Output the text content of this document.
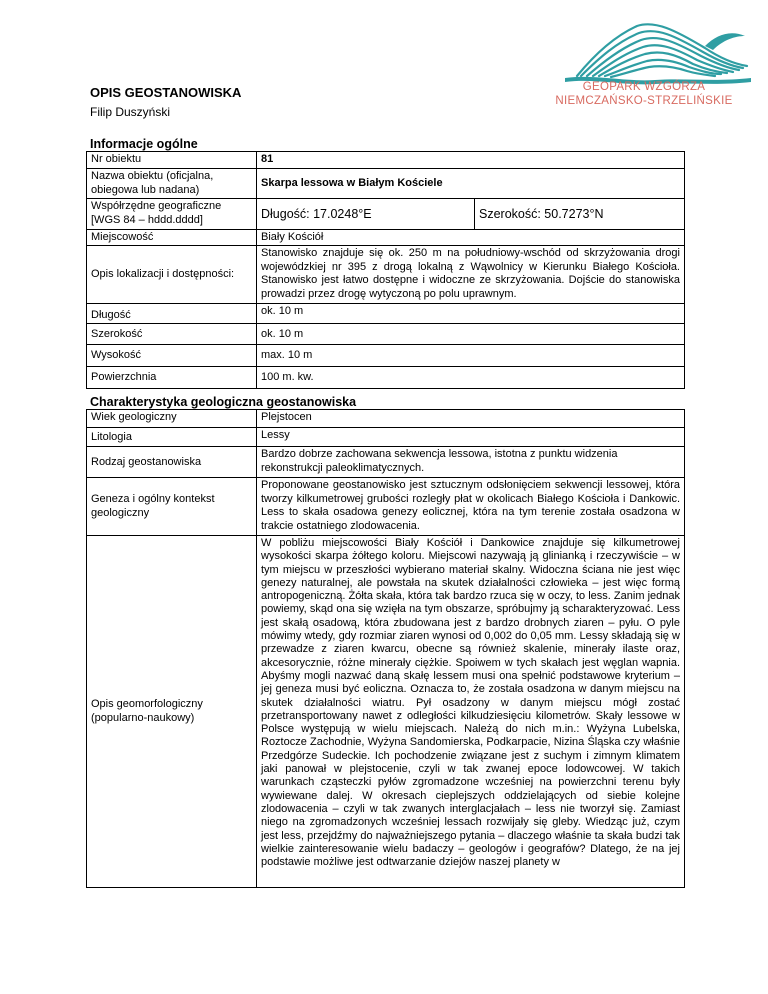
GEOPARK WZGÓRZA
NIEMCZAŃSKO-STRZELIŃSKIE
OPIS GEOSTANOWISKA
Filip Duszyński
Informacje ogólne
Nr obiektu	81	
Nazwa obiektu (oficjalna, obiegowa lub nadana)	Skarpa lessowa w Białym Kościele	
Współrzędne geograficzne [WGS 84 – hddd.dddd]	Długość: 17.0248°E	Szerokość: 50.7273°N
Miejscowość	Biały Kościół	
Opis lokalizacji i dostępności:	Stanowisko znajduje się ok. 250 m na południowy-wschód od skrzyżowania drogi wojewódzkiej nr 395 z drogą lokalną z Wąwolnicy w Kierunku Białego Kościoła. Stanowisko jest łatwo dostępne i widoczne ze skrzyżowania. Dojście do stanowiska prowadzi przez drogę wytyczoną po polu uprawnym.	
Długość	ok. 10 m	
Szerokość	ok. 10 m	
Wysokość	max. 10 m	
Powierzchnia	100 m. kw.	
Charakterystyka geologiczna geostanowiska
Wiek geologiczny	Plejstocen
Litologia	Lessy
Rodzaj geostanowiska	Bardzo dobrze zachowana sekwencja lessowa, istotna z punktu widzenia rekonstrukcji paleoklimatycznych.
Geneza i ogólny kontekst geologiczny	Proponowane geostanowisko jest sztucznym odsłonięciem sekwencji lessowej, która tworzy kilkumetrowej grubości rozległy płat w okolicach Białego Kościoła i Dankowic. Less to skała osadowa genezy eolicznej, która na tym terenie została osadzona w trakcie ostatniego zlodowacenia.
Opis geomorfologiczny (popularno-naukowy)	W pobliżu miejscowości Biały Kościół i Dankowice znajduje się kilkumetrowej wysokości skarpa żółtego koloru. Miejscowi nazywają ją glinianką i rzeczywiście – w tym miejscu w przeszłości wybierano materiał skalny. Widoczna ściana nie jest więc genezy naturalnej, ale powstała na skutek działalności człowieka – jest więc formą antropogeniczną. Żółta skała, która tak bardzo rzuca się w oczy, to less. Zanim jednak powiemy, skąd ona się wzięła na tym obszarze, spróbujmy ją scharakteryzować. Less jest skałą osadową, która zbudowana jest z bardzo drobnych ziaren – pyłu. O pyle mówimy wtedy, gdy rozmiar ziaren wynosi od 0,002 do 0,05 mm. Lessy składają się w przewadze z ziaren kwarcu, obecne są również skalenie, minerały ilaste oraz, akcesorycznie, różne minerały ciężkie. Spoiwem w tych skałach jest węglan wapnia. Abyśmy mogli nazwać daną skałę lessem musi ona spełnić podstawowe kryterium – jej geneza musi być eoliczna. Oznacza to, że została osadzona w danym miejscu na skutek działalności wiatru. Pył osadzony w danym miejscu mógł zostać przetransportowany nawet z odległości kilkudziesięciu kilometrów. Skały lessowe w Polsce występują w wielu miejscach. Należą do nich m.in.: Wyżyna Lubelska, Roztocze Zachodnie, Wyżyna Sandomierska, Podkarpacie, Nizina Śląska czy właśnie Przedgórze Sudeckie. Ich pochodzenie związane jest z suchym i zimnym klimatem jaki panował w plejstocenie, czyli w tak zwanej epoce lodowcowej. W takich warunkach cząsteczki pyłów zgromadzone wcześniej na powierzchni terenu były wywiewane dalej. W okresach cieplejszych oddzielających od siebie kolejne zlodowacenia – czyli w tak zwanych interglacjałach – less nie tworzył się. Zamiast niego na zgromadzonych wcześniej lessach rozwijały się gleby. Wiedząc już, czym jest less, przejdźmy do najważniejszego pytania – dlaczego właśnie ta skała budzi tak wielkie zainteresowanie wielu badaczy – geologów i geografów? Dlatego, że na jej podstawie możliwe jest odtwarzanie dziejów naszej planety w
